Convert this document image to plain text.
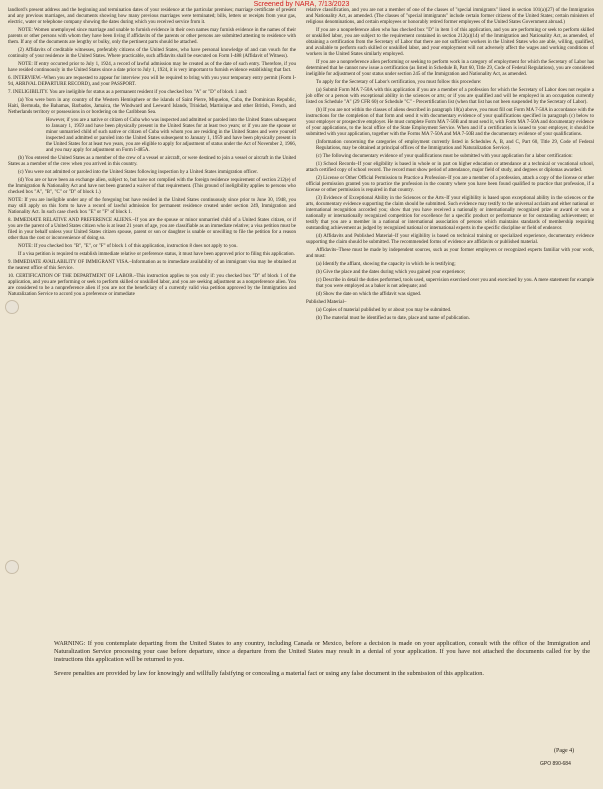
Screened by NARA, 7/13/2023

landlord's present address and the beginning and termination dates of your residence at the particular premises; marriage certificate of present and any previous marriages, and documents showing how many previous marriages were terminated; bills, letters or receipts from your gas, electric, water or telephone company showing the dates during which you received service from it.

NOTE: Women unemployed since marriage and unable to furnish evidence in their own names may furnish evidence in the names of their parents or other persons with whom they have been living if affidavits of the parents or other persons are submitted attesting to residence with them. If any of the documents are lengthy or bulky, only the pertinent parts should be attached.

(2) Affidavits of creditable witnesses, preferably citizens of the United States, who have personal knowledge of and can vouch for the continuity of your residence in the United States. Where practicable, such affidavits shall be executed on Form I-488 (Affidavit of Witness).

NOTE: If entry occurred prior to July 1, 1924, a record of lawful admission may be created as of the date of such entry. Therefore, if you have resided continuously in the United States since a date prior to July 1, 1924, it is very important to furnish evidence establishing that fact.

6. INTERVIEW.–When you are requested to appear for interview you will be required to bring with you your temporary entry permit (Form I-94, ARRIVAL DEPARTURE RECORD), and your PASSPORT.

7. INELIGIBILITY. You are ineligible for status as a permanent resident if you checked box "A" or "D" of block 1 and:

(a) You were born in any country of the Western Hemisphere or the islands of Saint Pierre, Miquelon, Cuba, the Dominican Republic, Haiti, Bermuda, the Bahamas, Barbados, Jamaica, the Windward and Leeward Islands, Trinidad, Martinique and other British, French, and Netherlands territory or possessions in or bordering on the Caribbean Sea.

However, if you are a native or citizen of Cuba who was inspected and admitted or paroled into the United States subsequent to January 1, 1959 and have been physically present in the United States for at least two years; or if you are the spouse or minor unmarried child of such native or citizen of Cuba with whom you are residing in the United States and were yourself inspected and admitted or paroled into the United States subsequent to January 1, 1959 and have been physically present in the United States for at least two years, you are eligible to apply for adjustment of status under the Act of November 2, 1966, and you may apply for adjustment on Form I-485A.

(b) You entered the United States as a member of the crew of a vessel or aircraft, or were destined to join a vessel or aircraft in the United States as a member of the crew when you arrived in this country.

(c) You were not admitted or paroled into the United States following inspection by a United States immigration officer.

(d) You are or have been an exchange alien, subject to, but have not complied with the foreign residence requirement of section 212(e) of the Immigration & Nationality Act and have not been granted a waiver of that requirement. (This ground of ineligibility applies to persons who checked box "A", "B", "C" or "D" of block 1.)

NOTE: If you are ineligible under any of the foregoing but have resided in the United States continuously since prior to June 30, 1948, you may still apply on this form to have a record of lawful admission for permanent residence created under section 249, Immigration and Nationality Act. In such case check box "E" or "F" of block 1.

8. IMMEDIATE RELATIVE AND PREFERENCE ALIENS.–If you are the spouse or minor unmarried child of a United States citizen, or if you are the parent of a United States citizen who is at least 21 years of age, you are classifiable as an immediate relative; a visa petition must be filed in your behalf unless your United States citizen spouse, parent or son or daughter is unable or unwilling to file the petition for a reason other than the cost or inconvenience of doing so.

NOTE: If you checked box "B", "E", or "F" of block 1 of this application, instruction 8 does not apply to you.

If a visa petition is required to establish immediate relative or preference status, it must have been approved prior to filing this application.

9. IMMEDIATE AVAILABILITY OF IMMIGRANT VISA.–Information as to immediate availability of an immigrant visa may be obtained at the nearest office of this Service.

10. CERTIFICATION OF THE DEPARTMENT OF LABOR.–This instruction applies to you only if: you checked box "D" of block 1 of the application, and you are performing or seek to perform skilled or unskilled labor, and you are seeking adjustment as a nonpreference alien. You are considered to be a nonpreference alien if you are not the beneficiary of a currently valid visa petition approved by the Immigration and Naturalization Service to accord you a preference or immediate

relative classification, and you are not a member of one of the classes of "special immigrants" listed in section 101(a)(27) of the Immigration and Nationality Act, as amended. (The classes of "special immigrants" include certain former citizens of the United States; certain ministers of religious denominations, and certain employees or honorably retired former employees of the United States Government abroad.)

If you are a nonpreference alien who has checked box "D" in item 1 of this application, and you are performing or seek to perform skilled or unskilled labor, you are subject to the requirement contained in section 212(a)(14) of the Immigration and Nationality Act, as amended, of obtaining a certification from the Secretary of Labor that there are not sufficient workers in the United States who are able, willing, qualified, and available to perform such skilled or unskilled labor, and your employment will not adversely affect the wages and working conditions of workers in the United States similarly employed.

If you are a nonpreference alien performing or seeking to perform work in a category of employment for which the Secretary of Labor has determined that he cannot now issue a certification (as listed in Schedule B, Part 60, Title 29, Code of Federal Regulations), you are considered ineligible for adjustment of your status under section 245 of the Immigration and Nationality Act, as amended.

To apply for the Secretary of Labor's certification, you must follow this procedure:

(a) Submit Form MA 7-50A with this application if you are a member of a profession for which the Secretary of Labor does not require a job offer or a person with exceptional ability in the sciences or arts; or if you are qualified and will be employed in an occupation currently listed on Schedule "A" (29 CFR 60) or Schedule "C" - Precertification list (when that list has not been suspended by the Secretary of Labor).

(b) If you are not within the classes of aliens described in paragraph 10(a) above, you must fill out Form MA 7-50A in accordance with the instructions for the completion of that form and send it with documentary evidence of your qualifications specified in paragraph (c) below to your employer or prospective employer. He must complete Form MA 7-50B and must send it, with Form MA 7-50A and documentary evidence of your applications, to the local office of the State Employment Service. When and if a certification is issued to your employer, it should be submitted with your application, together with the Forms MA 7-50A and MA 7-50B and the documentary evidence of your qualifications.

(Information concerning the categories of employment currently listed in Schedules A, B, and C, Part 60, Title 29, Code of Federal Regulations, may be obtained at principal offices of the Immigration and Naturalization Service).

(c) The following documentary evidence of your qualifications must be submitted with your application for a labor certification:

(1) School Records–If your eligibility is based in whole or in part on higher education or attendance at a technical or vocational school, attach certified copy of school record. The record must show period of attendance, major field of study, and degrees or diplomas awarded.

(2) License or Other Official Permission to Practice a Profession–If you are a member of a profession, attach a copy of the license or other official permission granted you to practice the profession in the country where you have been found qualified to practice that profession, if a license or other permission is required in that country.

(3) Evidence of Exceptional Ability in the Sciences or the Arts–If your eligibility is based upon exceptional ability in the sciences or the arts, documentary evidence supporting the claim should be submitted. Such evidence may testify to the universal acclaim and either national or international recognition accorded you; show that you have received a nationally or internationally recognized prize or award or won a nationally or internationally recognized competition for excellence for a specific product or performance or for outstanding achievement; or testify that you are a member in a national or international association of persons which maintains standards of membership requiring outstanding achievement as judged by recognized national or international experts in the specific discipline or field of endeavor.

(4) Affidavits and Published Material–If your eligibility is based on technical training or specialized experience, documentary evidence supporting the claim should be submitted. The recommended forms of evidence are affidavits or published material.

Affidavits–These must be made by independent sources, such as your former employers or recognized experts familiar with your work, and must:

(a) Identify the affiant, showing the capacity in which he is testifying;

(b) Give the place and the dates during which you gained your experience;

(c) Describe in detail the duties performed, tools used, supervision exercised over you and exercised by you. A mere statement for example that you were employed as a baker is not adequate; and

(d) Show the date on which the affidavit was signed.

Published Material–

(a) Copies of material published by or about you may be submitted.

(b) The material must be identified as to date, place and name of publication.

WARNING: If you contemplate departing from the United States to any country, including Canada or Mexico, before a decision is made on your application, consult with the office of the Immigration and Naturalization Service processing your case before departure, since a departure from the United States may result in a denial of your application. If you have not attached the documents called for by the instructions this application will be returned to you.

Severe penalties are provided by law for knowingly and willfully falsifying or concealing a material fact or using any false document in the submission of this application.

(Page 4)
GPO 890-684
